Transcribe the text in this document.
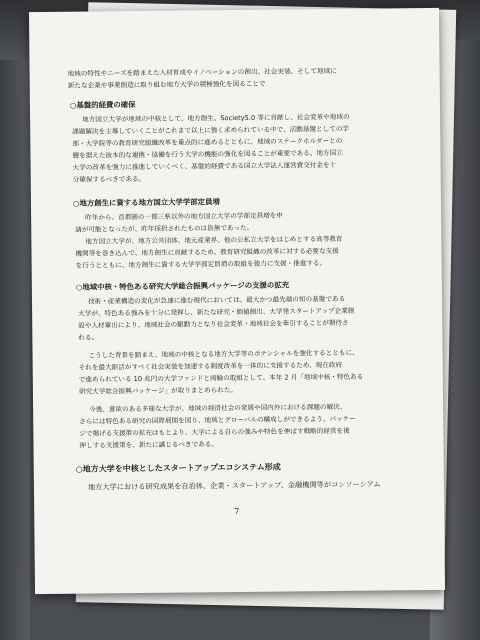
地域の特性やニーズを踏まえた人材育成やイノベーションの創出、社会実装、そして地域に
新たな企業や事業創造に取り組む地方大学の積極強化を図ることで
○基盤的経費の確保
地方国立大学が地域の中核として、地方創生、Society5.0 等に貢献し、社会変革や地域の
課題解決を主導していくことがこれまで以上に強く求められている中で、活動基盤としての学
部・大学院等の教育研究組織改革を重点的に進めるとともに、地域のステークホルダーとの
腰を据えた抜本的な連携・協働を行う大学の機能の強化を図ることが重要である。地方国立
大学の改革を強力に推進していくべく、基盤的経費である国立大学法人運営費交付金を十
分確保するべきである。
○地方創生に資する地方国立大学学部定員増
昨年から、首都圏の一都三県以外の地方国立大学の学部定員増を申
請が可能となったが、昨年採択されたものは皆無であった。
地方国立大学が、地方公共団体、地元産業界、他の公私立大学をはじめとする高等教育
機関等を巻き込んで、地方創生に貢献するため、教育研究組織の改革に対する必要な支援
を行うとともに、地方創生に資する大学学部定員増の取組を強力に支援・推進する。
○地域中核・特色ある研究大学総合振興パッケージの支援の拡充
技術・産業構造の変化が急速に進む現代においては、最大かつ最先端の知の基盤である
大学が、特色ある強みを十分に発揮し、新たな研究・価値創出、大学発スタートアップ企業創
設や人材輩出により、地域社会の駆動力となり社会変革・地域社会を牽引することが期待さ
れる。
こうした背景を踏まえ、地域の中核となる地方大学等のポテンシャルを強化するとともに、
それを最大限活かすべく社会実装を加速する制度改革を一体的に支援するため、現在政府
で進められている 10 兆円の大学ファンドと両輪の取組として、本年 2 月「地域中核・特色ある
研究大学総合振興パッケージ」が取りまとめられた。
今後、意欲のある多様な大学が、地域の経済社会の発展や国内外における課題の解決、
さらには特色ある研究の国際展開を図り、地域とグローバルの構成しができるよう、パッケー
ジで掲げる支援策の拡充はもとより、大学による自らの強みや特色を伸ばす戦略的経営を後
押しする支援策を、新たに講じるべきである。
○地方大学を中核としたスタートアップエコシステム形成
地方大学における研究成果を自治体、企業・スタートアップ、金融機関等がコンソーシアム
7
